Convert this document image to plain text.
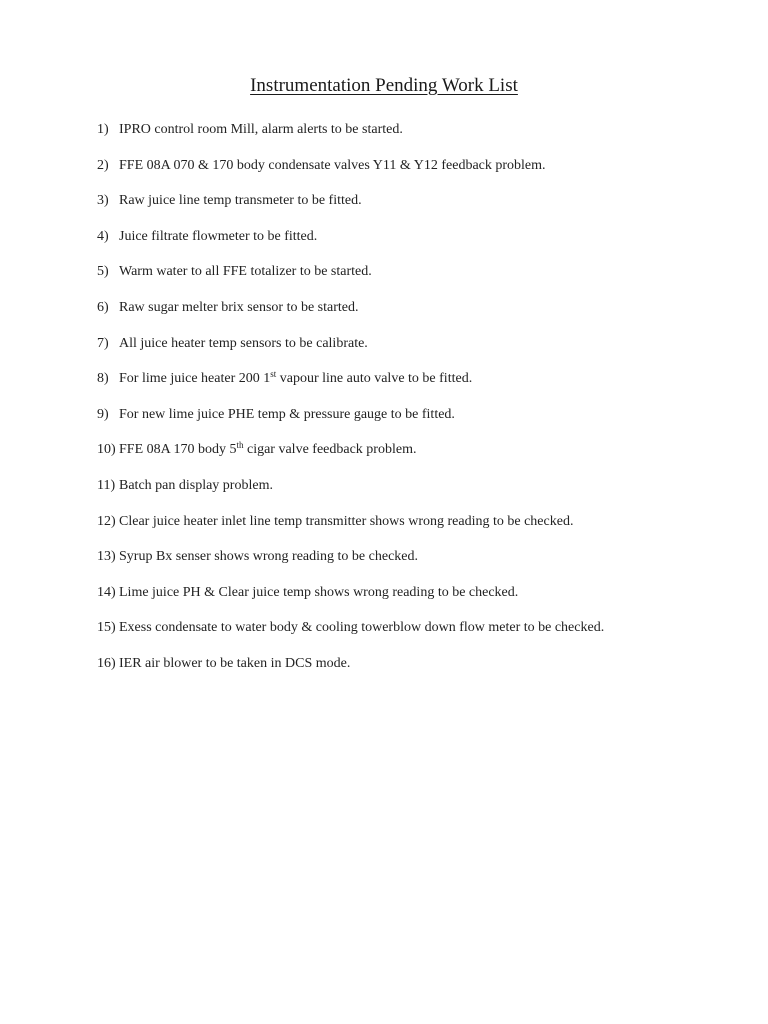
Instrumentation Pending Work List
1) IPRO control room Mill, alarm alerts to be started.
2) FFE 08A 070 & 170 body condensate valves Y11 & Y12 feedback problem.
3) Raw juice line temp transmeter to be fitted.
4) Juice filtrate flowmeter to be fitted.
5) Warm water to all FFE totalizer to be started.
6) Raw sugar melter brix sensor to be started.
7) All juice heater temp sensors to be calibrate.
8) For lime juice heater 200 1st vapour line auto valve to be fitted.
9) For new lime juice PHE temp & pressure gauge to be fitted.
10) FFE 08A 170 body 5th cigar valve feedback problem.
11) Batch pan display problem.
12) Clear juice heater inlet line temp transmitter shows wrong reading to be checked.
13) Syrup Bx senser shows wrong reading to be checked.
14) Lime juice PH & Clear juice temp shows wrong reading to be checked.
15) Exess condensate to water body & cooling towerblow down flow meter to be checked.
16) IER air blower to be taken in DCS mode.
